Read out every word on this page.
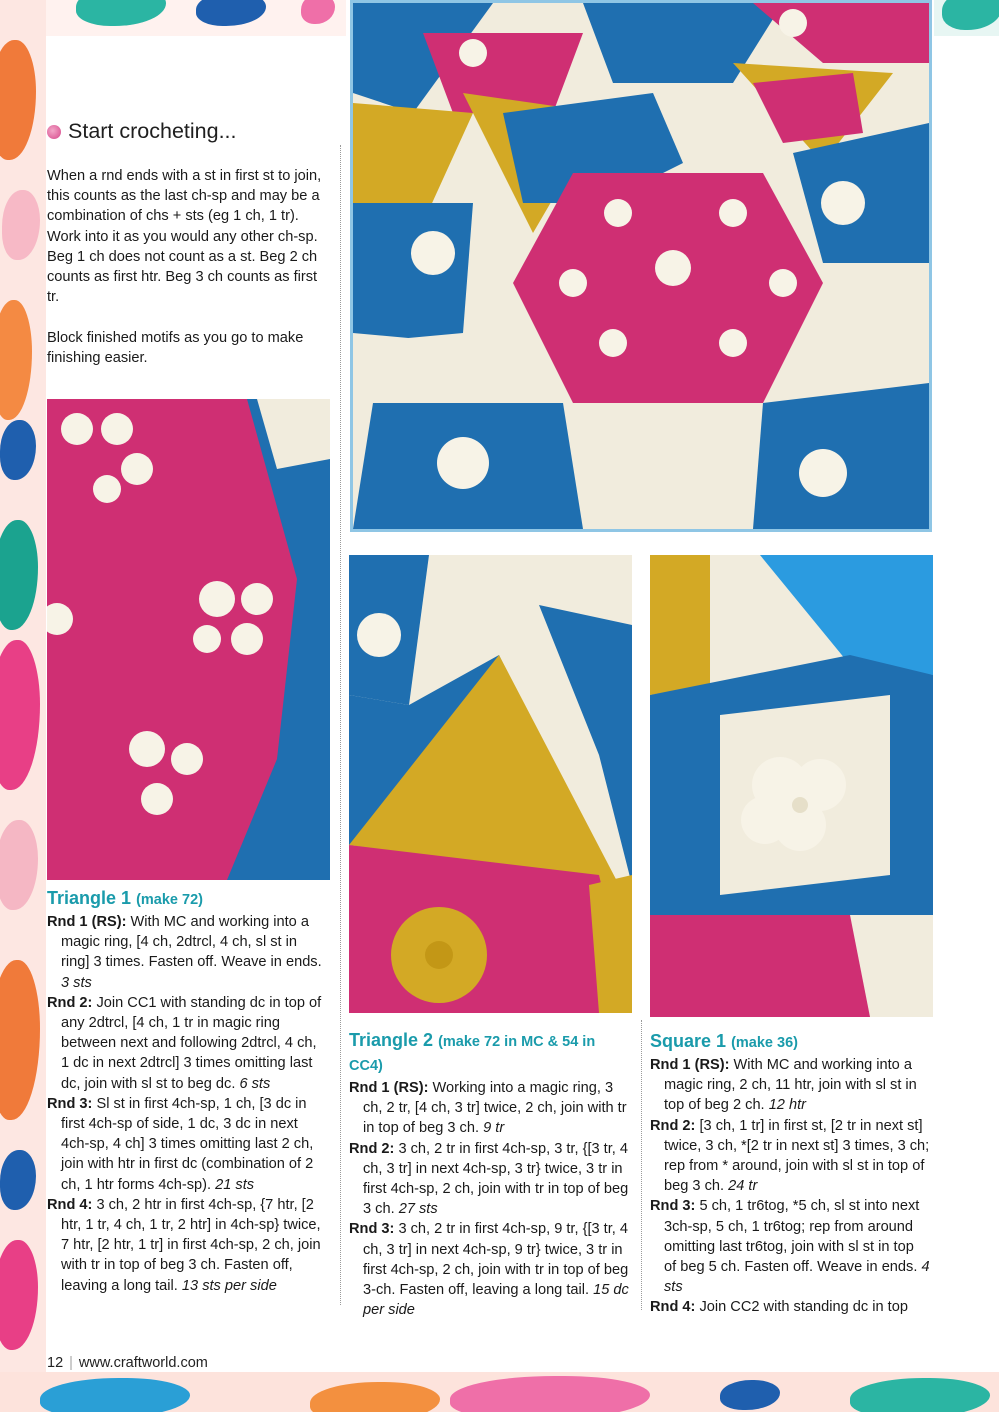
Start crocheting...

When a rnd ends with a st in first st to join, this counts as the last ch-sp and may be a combination of chs + sts (eg 1 ch, 1 tr). Work into it as you would any other ch-sp.

Beg 1 ch does not count as a st. Beg 2 ch counts as first htr. Beg 3 ch counts as first tr.

Block finished motifs as you go to make finishing easier.

Triangle 1 (make 72)

Rnd 1 (RS): With MC and working into a magic ring, [4 ch, 2dtrcl, 4 ch, sl st in ring] 3 times. Fasten off. Weave in ends. 3 sts

Rnd 2: Join CC1 with standing dc in top of any 2dtrcl, [4 ch, 1 tr in magic ring between next and following 2dtrcl, 4 ch, 1 dc in next 2dtrcl] 3 times omitting last dc, join with sl st to beg dc. 6 sts

Rnd 3: Sl st in first 4ch-sp, 1 ch, [3 dc in first 4ch-sp of side, 1 dc, 3 dc in next 4ch-sp, 4 ch] 3 times omitting last 2 ch, join with htr in first dc (combination of 2 ch, 1 htr forms 4ch-sp). 21 sts

Rnd 4: 3 ch, 2 htr in first 4ch-sp, {7 htr, [2 htr, 1 tr, 4 ch, 1 tr, 2 htr] in 4ch-sp} twice, 7 htr, [2 htr, 1 tr] in first 4ch-sp, 2 ch, join with tr in top of beg 3 ch. Fasten off, leaving a long tail. 13 sts per side

Triangle 2 (make 72 in MC & 54 in CC4)

Rnd 1 (RS): Working into a magic ring, 3 ch, 2 tr, [4 ch, 3 tr] twice, 2 ch, join with tr in top of beg 3 ch. 9 tr

Rnd 2: 3 ch, 2 tr in first 4ch-sp, 3 tr, {[3 tr, 4 ch, 3 tr] in next 4ch-sp, 3 tr} twice, 3 tr in first 4ch-sp, 2 ch, join with tr in top of beg 3 ch. 27 sts

Rnd 3: 3 ch, 2 tr in first 4ch-sp, 9 tr, {[3 tr, 4 ch, 3 tr] in next 4ch-sp, 9 tr} twice, 3 tr in first 4ch-sp, 2 ch, join with tr in top of beg 3-ch. Fasten off, leaving a long tail. 15 dc per side

Square 1 (make 36)

Rnd 1 (RS): With MC and working into a magic ring, 2 ch, 11 htr, join with sl st in top of beg 2 ch. 12 htr

Rnd 2: [3 ch, 1 tr] in first st, [2 tr in next st] twice, 3 ch, *[2 tr in next st] 3 times, 3 ch; rep from * around, join with sl st in top of beg 3 ch. 24 tr

Rnd 3: 5 ch, 1 tr6tog, *5 ch, sl st into next 3ch-sp, 5 ch, 1 tr6tog; rep from around omitting last tr6tog, join with sl st in top of beg 5 ch. Fasten off. Weave in ends. 4 sts

Rnd 4: Join CC2 with standing dc in top

12 | www.craftworld.com
